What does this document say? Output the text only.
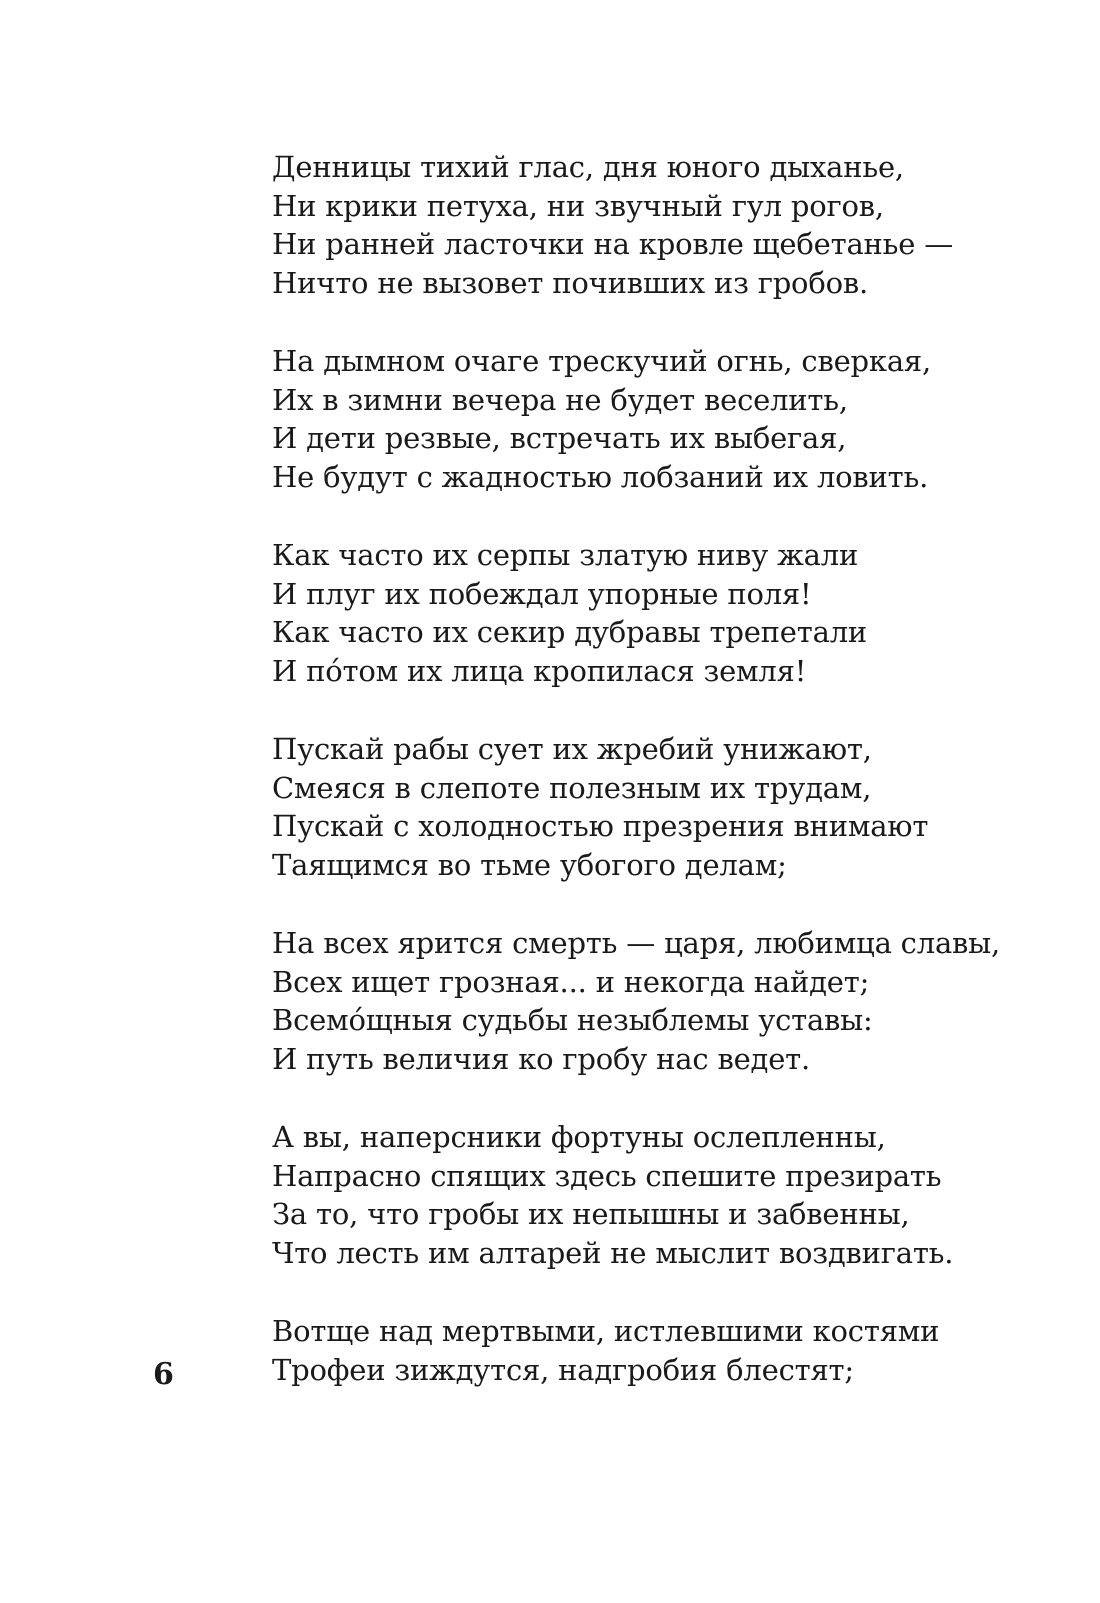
Денницы тихий глас, дня юного дыханье,
Ни крики петуха, ни звучный гул рогов,
Ни ранней ласточки на кровле щебетанье —
Ничто не вызовет почивших из гробов.
На дымном очаге трескучий огнь, сверкая,
Их в зимни вечера не будет веселить,
И дети резвые, встречать их выбегая,
Не будут с жадностью лобзаний их ловить.
Как часто их серпы златую ниву жали
И плуг их побеждал упорные поля!
Как часто их секир дубравы трепетали
И пóтом их лица кропилася земля!
Пускай рабы сует их жребий унижают,
Смеяся в слепоте полезным их трудам,
Пускай с холодностью презрения внимают
Таящимся во тьме убогого делам;
На всех ярится смерть — царя, любимца славы,
Всех ищет грозная... и некогда найдет;
Всемóщныя судьбы незыблемы уставы:
И путь величия ко гробу нас ведет.
А вы, наперсники фортуны ослепленны,
Напрасно спящих здесь спешите презирать
За то, что гробы их непышны и забвенны,
Что лесть им алтарей не мыслит воздвигать.
Вотще над мертвыми, истлевшими костями
Трофеи зиждутся, надгробия блестят;
6
